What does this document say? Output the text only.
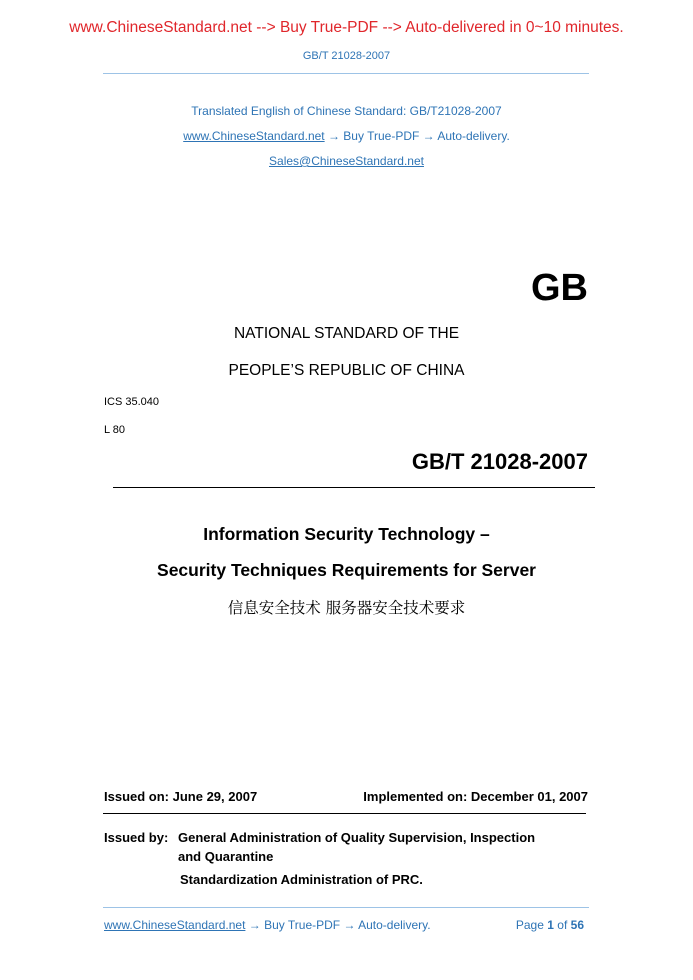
www.ChineseStandard.net --> Buy True-PDF --> Auto-delivered in 0~10 minutes.
GB/T 21028-2007
Translated English of Chinese Standard: GB/T21028-2007
www.ChineseStandard.net → Buy True-PDF → Auto-delivery.
Sales@ChineseStandard.net
GB
NATIONAL STANDARD OF THE
PEOPLE’S REPUBLIC OF CHINA
ICS 35.040
L 80
GB/T 21028-2007
Information Security Technology –
Security Techniques Requirements for Server
信息安全技术 服务器安全技术要求
Issued on: June 29, 2007	Implemented on: December 01, 2007
Issued by: General Administration of Quality Supervision, Inspection
and Quarantine
Standardization Administration of PRC.
www.ChineseStandard.net → Buy True-PDF → Auto-delivery.	Page 1 of 56
